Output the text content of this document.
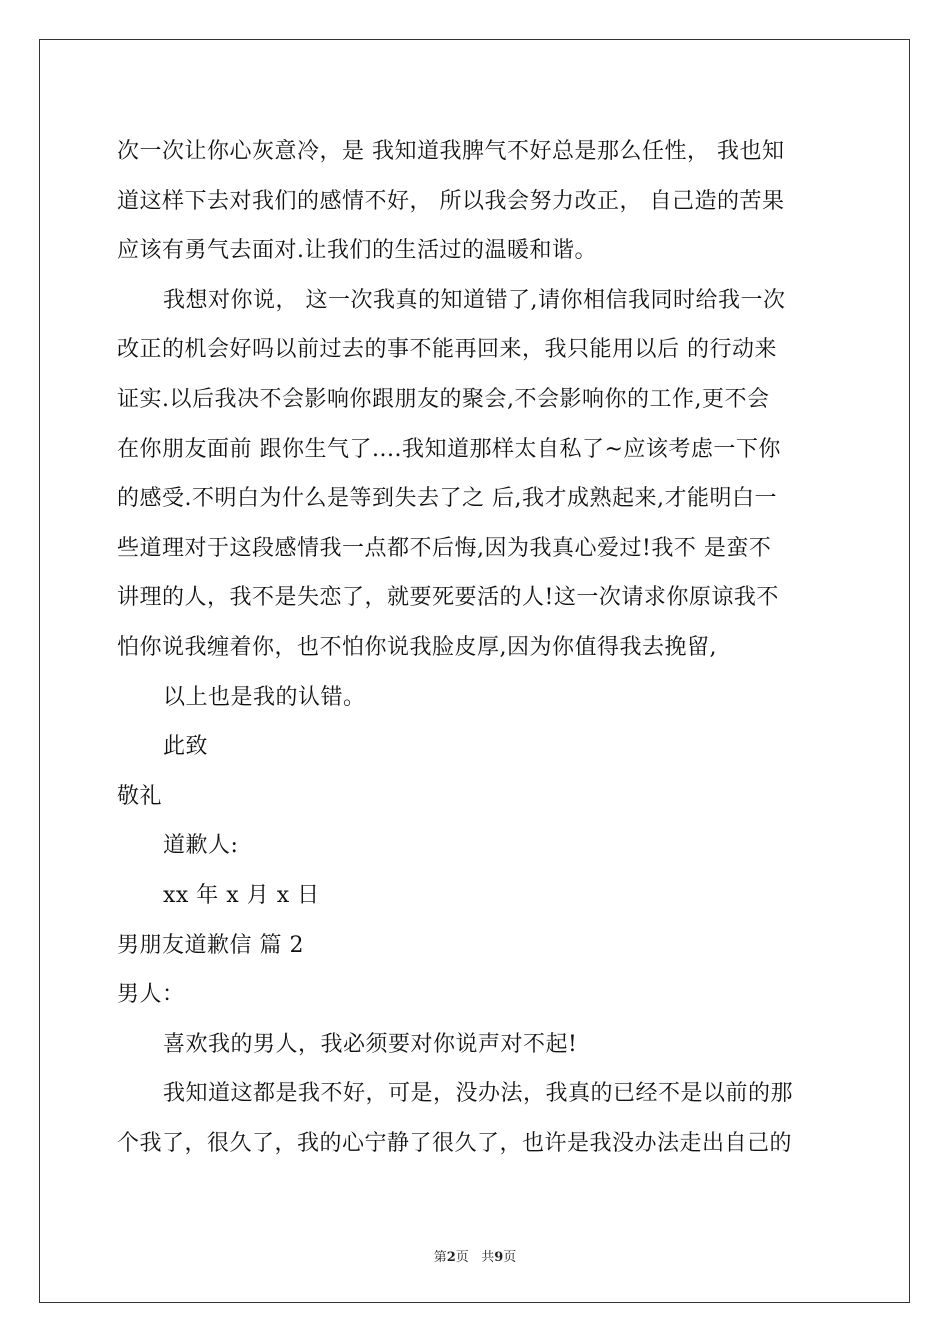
次一次让你心灰意冷，是 我知道我脾气不好总是那么任性， 我也知
道这样下去对我们的感情不好， 所以我会努力改正， 自己造的苦果
应该有勇气去面对.让我们的生活过的温暖和谐。
我想对你说， 这一次我真的知道错了,请你相信我同时给我一次
改正的机会好吗以前过去的事不能再回来，我只能用以后 的行动来
证实.以后我决不会影响你跟朋友的聚会,不会影响你的工作,更不会
在你朋友面前 跟你生气了....我知道那样太自私了~应该考虑一下你
的感受.不明白为什么是等到失去了之 后,我才成熟起来,才能明白一
些道理对于这段感情我一点都不后悔,因为我真心爱过!我不 是蛮不
讲理的人，我不是失恋了，就要死要活的人!这一次请求你原谅我不
怕你说我缠着你，也不怕你说我脸皮厚,因为你值得我去挽留,
以上也是我的认错。
此致
敬礼
道歉人:
xx 年 x 月 x 日
男朋友道歉信 篇 2
男人：
喜欢我的男人，我必须要对你说声对不起!
我知道这都是我不好，可是，没办法，我真的已经不是以前的那
个我了，很久了，我的心宁静了很久了，也许是我没办法走出自己的
第2页 共9页
